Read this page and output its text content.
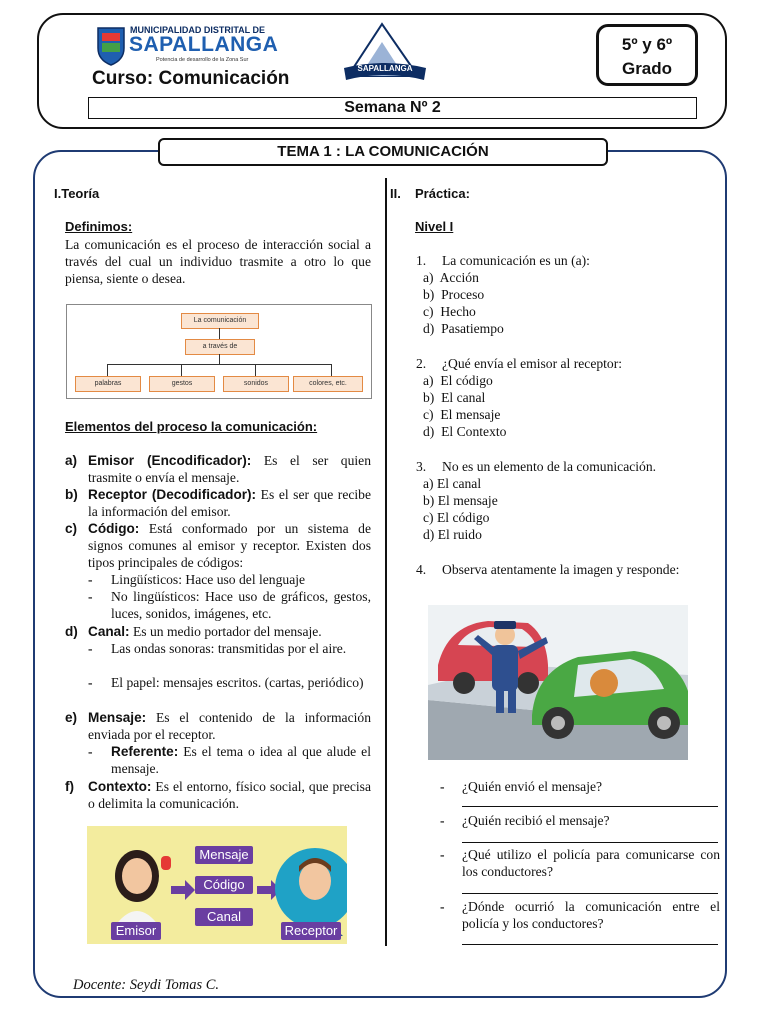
MUNICIPALIDAD DISTRITAL DE
SAPALLANGA
Potencia de desarrollo de la Zona Sur
SAPALLANGA
Curso: Comunicación
5º y 6º
Grado
Semana Nº 2
TEMA 1 : LA COMUNICACIÓN
I.Teoría
Definimos:
La comunicación es el proceso de interacción social a través del cual un individuo trasmite a otro lo que piensa, siente o desea.
La comunicación
a través de
palabras	gestos	sonidos	colores, etc.
Elementos del proceso la comunicación:
a) Emisor (Encodificador): Es el ser quien trasmite o envía el mensaje.
b) Receptor (Decodificador): Es el ser que recibe la información del emisor.
c) Código: Está conformado por un sistema de signos comunes al emisor y receptor. Existen dos tipos principales de códigos:
- Lingüísticos: Hace uso del lenguaje
- No lingüísticos: Hace uso de gráficos, gestos, luces, sonidos, imágenes, etc.
d) Canal: Es un medio portador del mensaje.
- Las ondas sonoras: transmitidas por el aire.
- El papel: mensajes escritos. (cartas, periódico)
e) Mensaje: Es el contenido de la información enviada por el receptor.
- Referente: Es el tema o idea al que alude el mensaje.
f) Contexto: Es el entorno, físico social, que precisa o delimita la comunicación.
Mensaje
Código
Canal
Emisor	Receptor
II. Práctica:
Nivel I
1. La comunicación es un (a):
a)  Acción
b)  Proceso
c)  Hecho
d)  Pasatiempo
2. ¿Qué envía el emisor al receptor:
a)  El código
b)  El canal
c)  El mensaje
d)  El Contexto
3. No es un elemento de la comunicación.
a) El canal
b) El mensaje
c) El código
d) El ruido
4. Observa atentamente la imagen y responde:
- ¿Quién envió el mensaje?
- ¿Quién recibió el mensaje?
- ¿Qué utilizo el policía para comunicarse con los conductores?
- ¿Dónde ocurrió la comunicación entre el policía y los conductores?
Docente: Seydi Tomas C.
